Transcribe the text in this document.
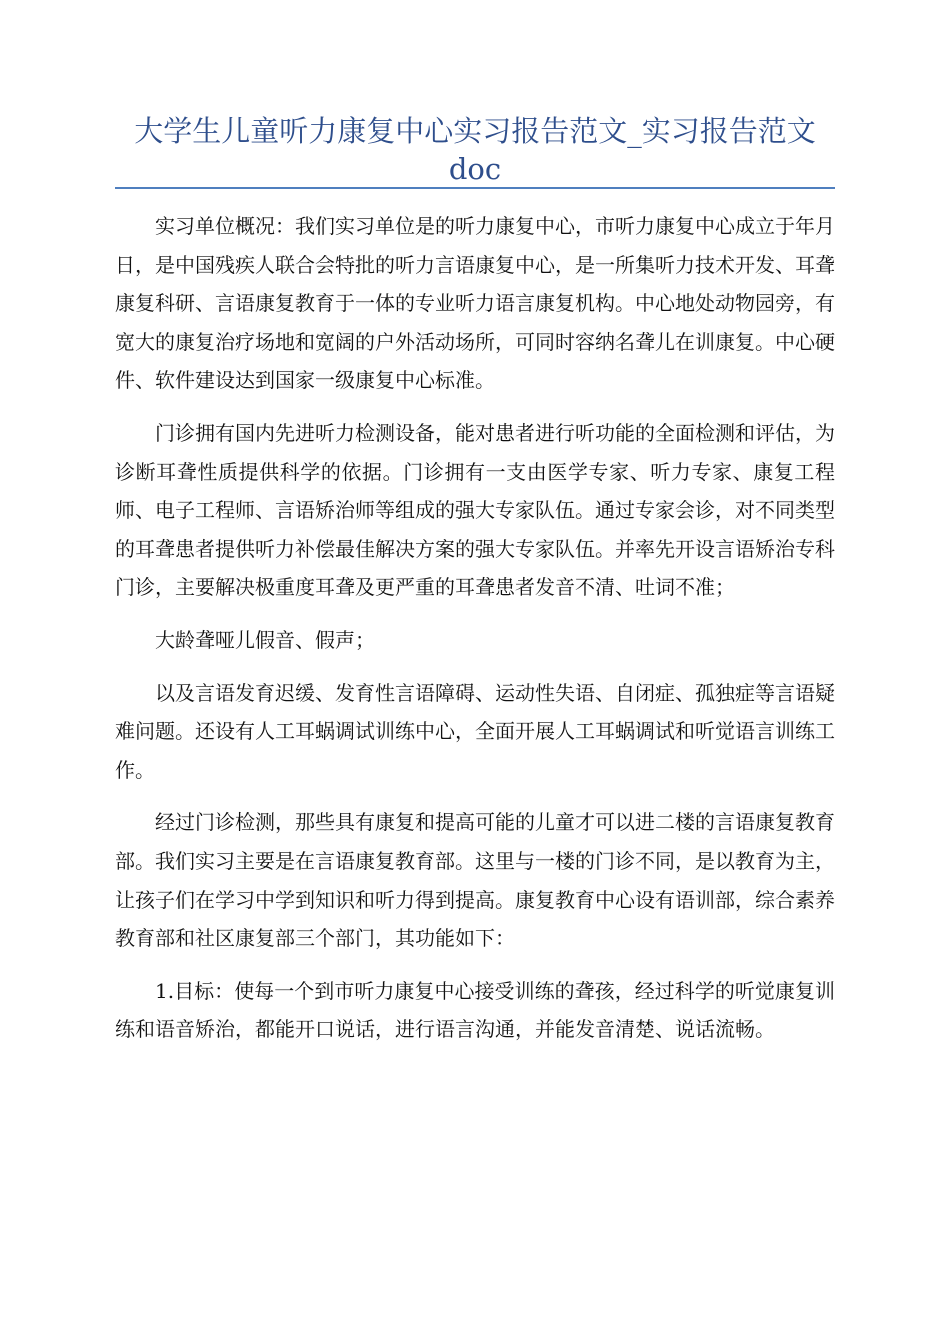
大学生儿童听力康复中心实习报告范文_实习报告范文doc

实习单位概况：我们实习单位是的听力康复中心，市听力康复中心成立于年月日，是中国残疾人联合会特批的听力言语康复中心，是一所集听力技术开发、耳聋康复科研、言语康复教育于一体的专业听力语言康复机构。中心地处动物园旁，有宽大的康复治疗场地和宽阔的户外活动场所，可同时容纳名聋儿在训康复。中心硬件、软件建设达到国家一级康复中心标准。

门诊拥有国内先进听力检测设备，能对患者进行听功能的全面检测和评估，为诊断耳聋性质提供科学的依据。门诊拥有一支由医学专家、听力专家、康复工程师、电子工程师、言语矫治师等组成的强大专家队伍。通过专家会诊，对不同类型的耳聋患者提供听力补偿最佳解决方案的强大专家队伍。并率先开设言语矫治专科门诊，主要解决极重度耳聋及更严重的耳聋患者发音不清、吐词不准；

大龄聋哑儿假音、假声；

以及言语发育迟缓、发育性言语障碍、运动性失语、自闭症、孤独症等言语疑难问题。还设有人工耳蜗调试训练中心，全面开展人工耳蜗调试和听觉语言训练工作。

经过门诊检测，那些具有康复和提高可能的儿童才可以进二楼的言语康复教育部。我们实习主要是在言语康复教育部。这里与一楼的门诊不同，是以教育为主，让孩子们在学习中学到知识和听力得到提高。康复教育中心设有语训部，综合素养教育部和社区康复部三个部门，其功能如下：

1.目标：使每一个到市听力康复中心接受训练的聋孩，经过科学的听觉康复训练和语音矫治，都能开口说话，进行语言沟通，并能发音清楚、说话流畅。
